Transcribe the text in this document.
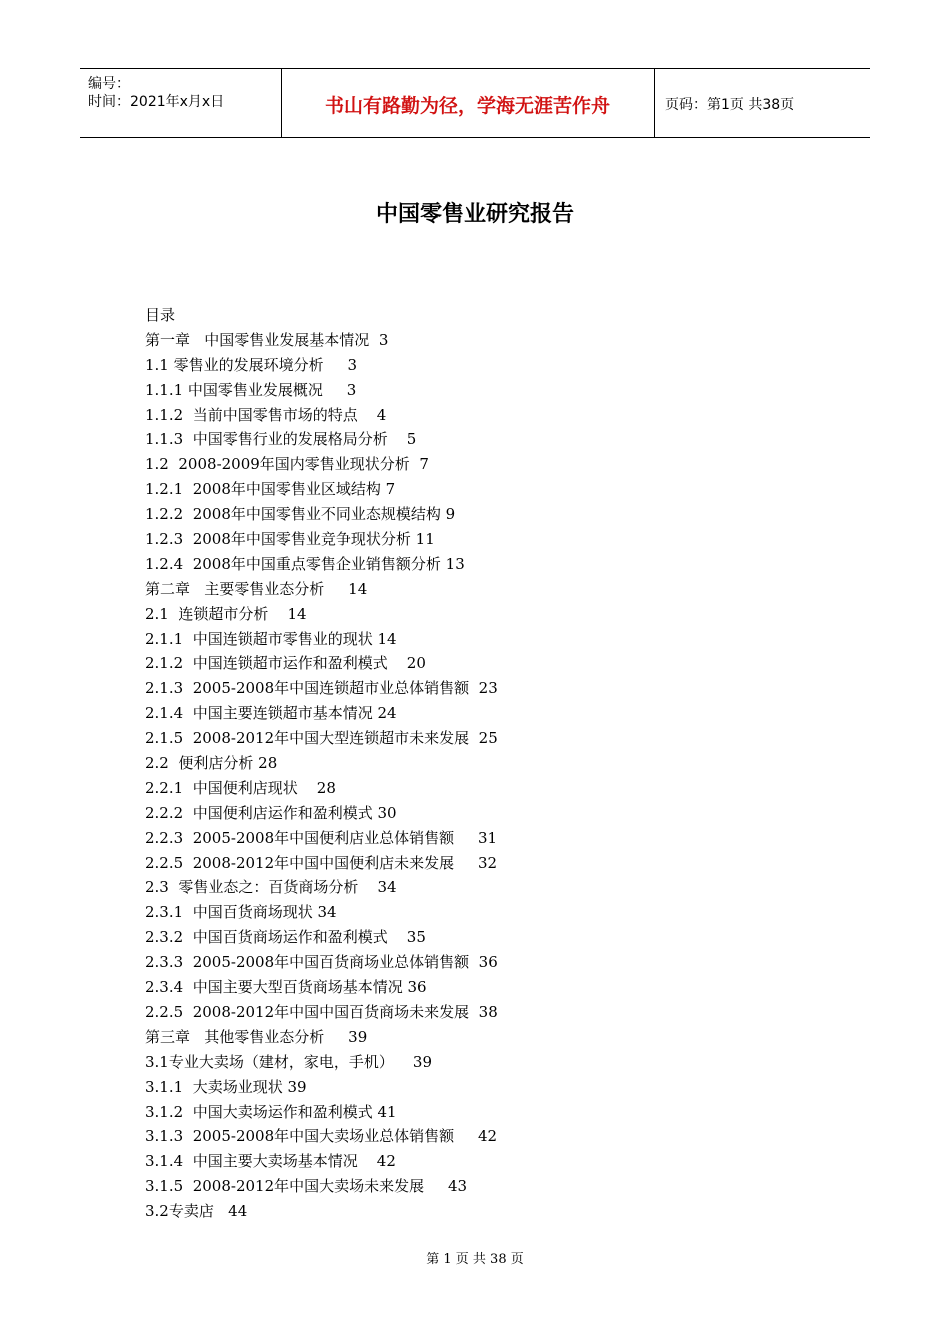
编号：
时间：2021年x月x日	书山有路勤为径，学海无涯苦作舟	页码：第1页 共38页
中国零售业研究报告
目录
第一章   中国零售业发展基本情况  3
1.1 零售业的发展环境分析     3
1.1.1 中国零售业发展概况     3
1.1.2  当前中国零售市场的特点    4
1.1.3  中国零售行业的发展格局分析    5
1.2  2008-2009年国内零售业现状分析  7
1.2.1  2008年中国零售业区域结构 7
1.2.2  2008年中国零售业不同业态规模结构 9
1.2.3  2008年中国零售业竞争现状分析 11
1.2.4  2008年中国重点零售企业销售额分析 13
第二章   主要零售业态分析     14
2.1  连锁超市分析    14
2.1.1  中国连锁超市零售业的现状 14
2.1.2  中国连锁超市运作和盈利模式    20
2.1.3  2005-2008年中国连锁超市业总体销售额  23
2.1.4  中国主要连锁超市基本情况 24
2.1.5  2008-2012年中国大型连锁超市未来发展  25
2.2  便利店分析 28
2.2.1  中国便利店现状    28
2.2.2  中国便利店运作和盈利模式 30
2.2.3  2005-2008年中国便利店业总体销售额     31
2.2.5  2008-2012年中国中国便利店未来发展     32
2.3  零售业态之：百货商场分析    34
2.3.1  中国百货商场现状 34
2.3.2  中国百货商场运作和盈利模式    35
2.3.3  2005-2008年中国百货商场业总体销售额  36
2.3.4  中国主要大型百货商场基本情况 36
2.2.5  2008-2012年中国中国百货商场未来发展  38
第三章   其他零售业态分析     39
3.1专业大卖场（建材，家电，手机）    39
3.1.1  大卖场业现状 39
3.1.2  中国大卖场运作和盈利模式 41
3.1.3  2005-2008年中国大卖场业总体销售额     42
3.1.4  中国主要大卖场基本情况    42
3.1.5  2008-2012年中国大卖场未来发展     43
3.2专卖店   44
第 1 页 共 38 页
